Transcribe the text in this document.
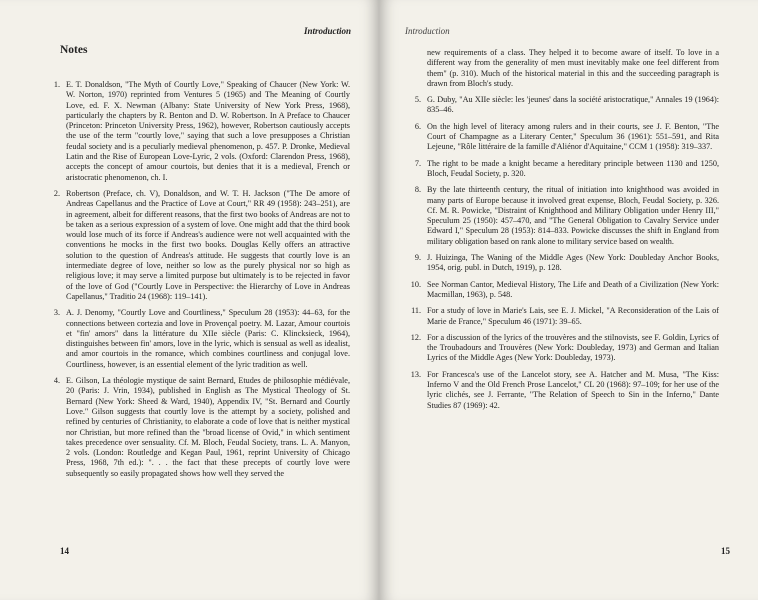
Introduction
Notes
1. E. T. Donaldson, "The Myth of Courtly Love," Speaking of Chaucer (New York: W. W. Norton, 1970) reprinted from Ventures 5 (1965) and The Meaning of Courtly Love, ed. F. X. Newman (Albany: State University of New York Press, 1968), particularly the chapters by R. Benton and D. W. Robertson. In A Preface to Chaucer (Princeton: Princeton University Press, 1962), however, Robertson cautiously accepts the use of the term "courtly love," saying that such a love presupposes a Christian feudal society and is a peculiarly medieval phenomenon, p. 457. P. Dronke, Medieval Latin and the Rise of European Love-Lyric, 2 vols. (Oxford: Clarendon Press, 1968), accepts the concept of amour courtois, but denies that it is a medieval, French or aristocratic phenomenon, ch. I.
2. Robertson (Preface, ch. V), Donaldson, and W. T. H. Jackson ("The De amore of Andreas Capellanus and the Practice of Love at Court," RR 49 (1958): 243–251), are in agreement, albeit for different reasons, that the first two books of Andreas are not to be taken as a serious expression of a system of love. One might add that the third book would lose much of its force if Andreas's audience were not well acquainted with the conventions he mocks in the first two books. Douglas Kelly offers an attractive solution to the question of Andreas's attitude. He suggests that courtly love is an intermediate degree of love, neither so low as the purely physical nor so high as religious love; it may serve a limited purpose but ultimately is to be rejected in favor of the love of God ("Courtly Love in Perspective: the Hierarchy of Love in Andreas Capellanus," Traditio 24 (1968): 119–141).
3. A. J. Denomy, "Courtly Love and Courtliness," Speculum 28 (1953): 44–63, for the connections between cortezia and love in Provençal poetry. M. Lazar, Amour courtois et "fin' amors" dans la littérature du XIIe siècle (Paris: C. Klincksieck, 1964), distinguishes between fin' amors, love in the lyric, which is sensual as well as idealist, and amor courtois in the romance, which combines courtliness and conjugal love. Courtliness, however, is an essential element of the lyric tradition as well.
4. E. Gilson, La théologie mystique de saint Bernard, Etudes de philosophie médiévale, 20 (Paris: J. Vrin, 1934), published in English as The Mystical Theology of St. Bernard (New York: Sheed & Ward, 1940), Appendix IV, "St. Bernard and Courtly Love." Gilson suggests that courtly love is the attempt by a society, polished and refined by centuries of Christianity, to elaborate a code of love that is neither mystical nor Christian, but more refined than the "broad license of Ovid," in which sentiment takes precedence over sensuality. Cf. M. Bloch, Feudal Society, trans. L. A. Manyon, 2 vols. (London: Routledge and Kegan Paul, 1961, reprint University of Chicago Press, 1968, 7th ed.): ". . . the fact that these precepts of courtly love were subsequently so easily propagated shows how well they served the
14
Introduction
new requirements of a class. They helped it to become aware of itself. To love in a different way from the generality of men must inevitably make one feel different from them" (p. 310). Much of the historical material in this and the succeeding paragraph is drawn from Bloch's study.
5. G. Duby, "Au XIIe siècle: les 'jeunes' dans la société aristocratique," Annales 19 (1964): 835–46.
6. On the high level of literacy among rulers and in their courts, see J. F. Benton, "The Court of Champagne as a Literary Center," Speculum 36 (1961): 551–591, and Rita Lejeune, "Rôle littéraire de la famille d'Aliénor d'Aquitaine," CCM 1 (1958): 319–337.
7. The right to be made a knight became a hereditary principle between 1130 and 1250, Bloch, Feudal Society, p. 320.
8. By the late thirteenth century, the ritual of initiation into knighthood was avoided in many parts of Europe because it involved great expense, Bloch, Feudal Society, p. 326. Cf. M. R. Powicke, "Distraint of Knighthood and Military Obligation under Henry III," Speculum 25 (1950): 457–470, and "The General Obligation to Cavalry Service under Edward I," Speculum 28 (1953): 814–833. Powicke discusses the shift in England from military obligation based on rank alone to military service based on wealth.
9. J. Huizinga, The Waning of the Middle Ages (New York: Doubleday Anchor Books, 1954, orig. publ. in Dutch, 1919), p. 128.
10. See Norman Cantor, Medieval History, The Life and Death of a Civilization (New York: Macmillan, 1963), p. 548.
11. For a study of love in Marie's Lais, see E. J. Mickel, "A Reconsideration of the Lais of Marie de France," Speculum 46 (1971): 39–65.
12. For a discussion of the lyrics of the trouvères and the stilnovists, see F. Goldin, Lyrics of the Troubadours and Trouvères (New York: Doubleday, 1973) and German and Italian Lyrics of the Middle Ages (New York: Doubleday, 1973).
13. For Francesca's use of the Lancelot story, see A. Hatcher and M. Musa, "The Kiss: Inferno V and the Old French Prose Lancelot," CL 20 (1968): 97–109; for her use of the lyric clichés, see J. Ferrante, "The Relation of Speech to Sin in the Inferno," Dante Studies 87 (1969): 42.
15
